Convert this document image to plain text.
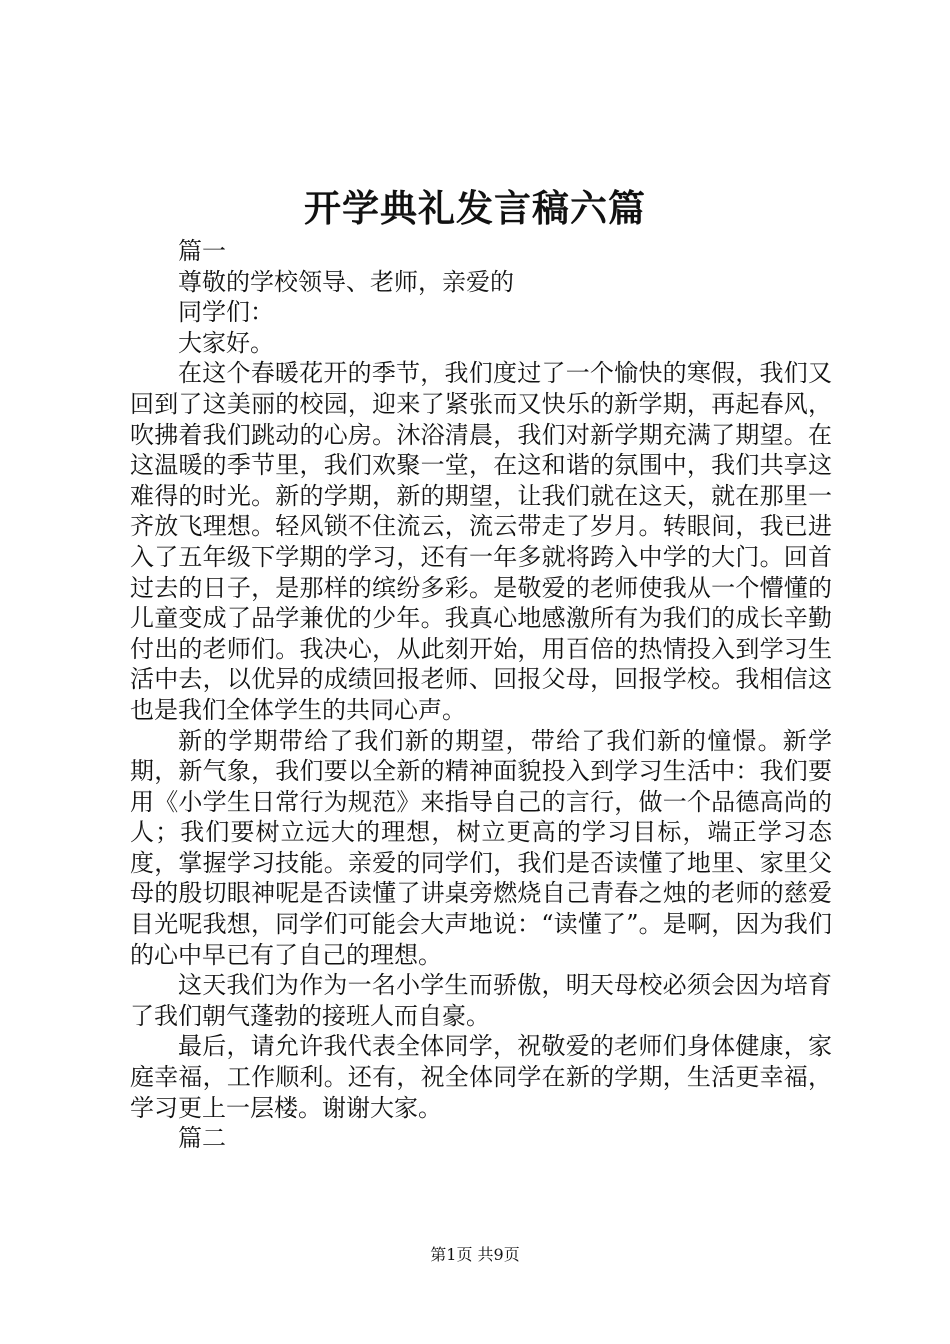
开学典礼发言稿六篇

篇一

尊敬的学校领导、老师，亲爱的

同学们：

大家好。

在这个春暖花开的季节，我们度过了一个愉快的寒假，我们又回到了这美丽的校园，迎来了紧张而又快乐的新学期，再起春风，吹拂着我们跳动的心房。沐浴清晨，我们对新学期充满了期望。在这温暖的季节里，我们欢聚一堂，在这和谐的氛围中，我们共享这难得的时光。新的学期，新的期望，让我们就在这天，就在那里一齐放飞理想。轻风锁不住流云，流云带走了岁月。转眼间，我已进入了五年级下学期的学习，还有一年多就将跨入中学的大门。回首过去的日子，是那样的缤纷多彩。是敬爱的老师使我从一个懵懂的儿童变成了品学兼优的少年。我真心地感激所有为我们的成长辛勤付出的老师们。我决心，从此刻开始，用百倍的热情投入到学习生活中去，以优异的成绩回报老师、回报父母，回报学校。我相信这也是我们全体学生的共同心声。

新的学期带给了我们新的期望，带给了我们新的憧憬。新学期，新气象，我们要以全新的精神面貌投入到学习生活中：我们要用《小学生日常行为规范》来指导自己的言行，做一个品德高尚的人；我们要树立远大的理想，树立更高的学习目标，端正学习态度，掌握学习技能。亲爱的同学们，我们是否读懂了地里、家里父母的殷切眼神呢是否读懂了讲桌旁燃烧自己青春之烛的老师的慈爱目光呢我想，同学们可能会大声地说：“读懂了”。是啊，因为我们的心中早已有了自己的理想。

这天我们为作为一名小学生而骄傲，明天母校必须会因为培育了我们朝气蓬勃的接班人而自豪。

最后，请允许我代表全体同学，祝敬爱的老师们身体健康，家庭幸福，工作顺利。还有，祝全体同学在新的学期，生活更幸福，学习更上一层楼。谢谢大家。

篇二

第1页 共9页
